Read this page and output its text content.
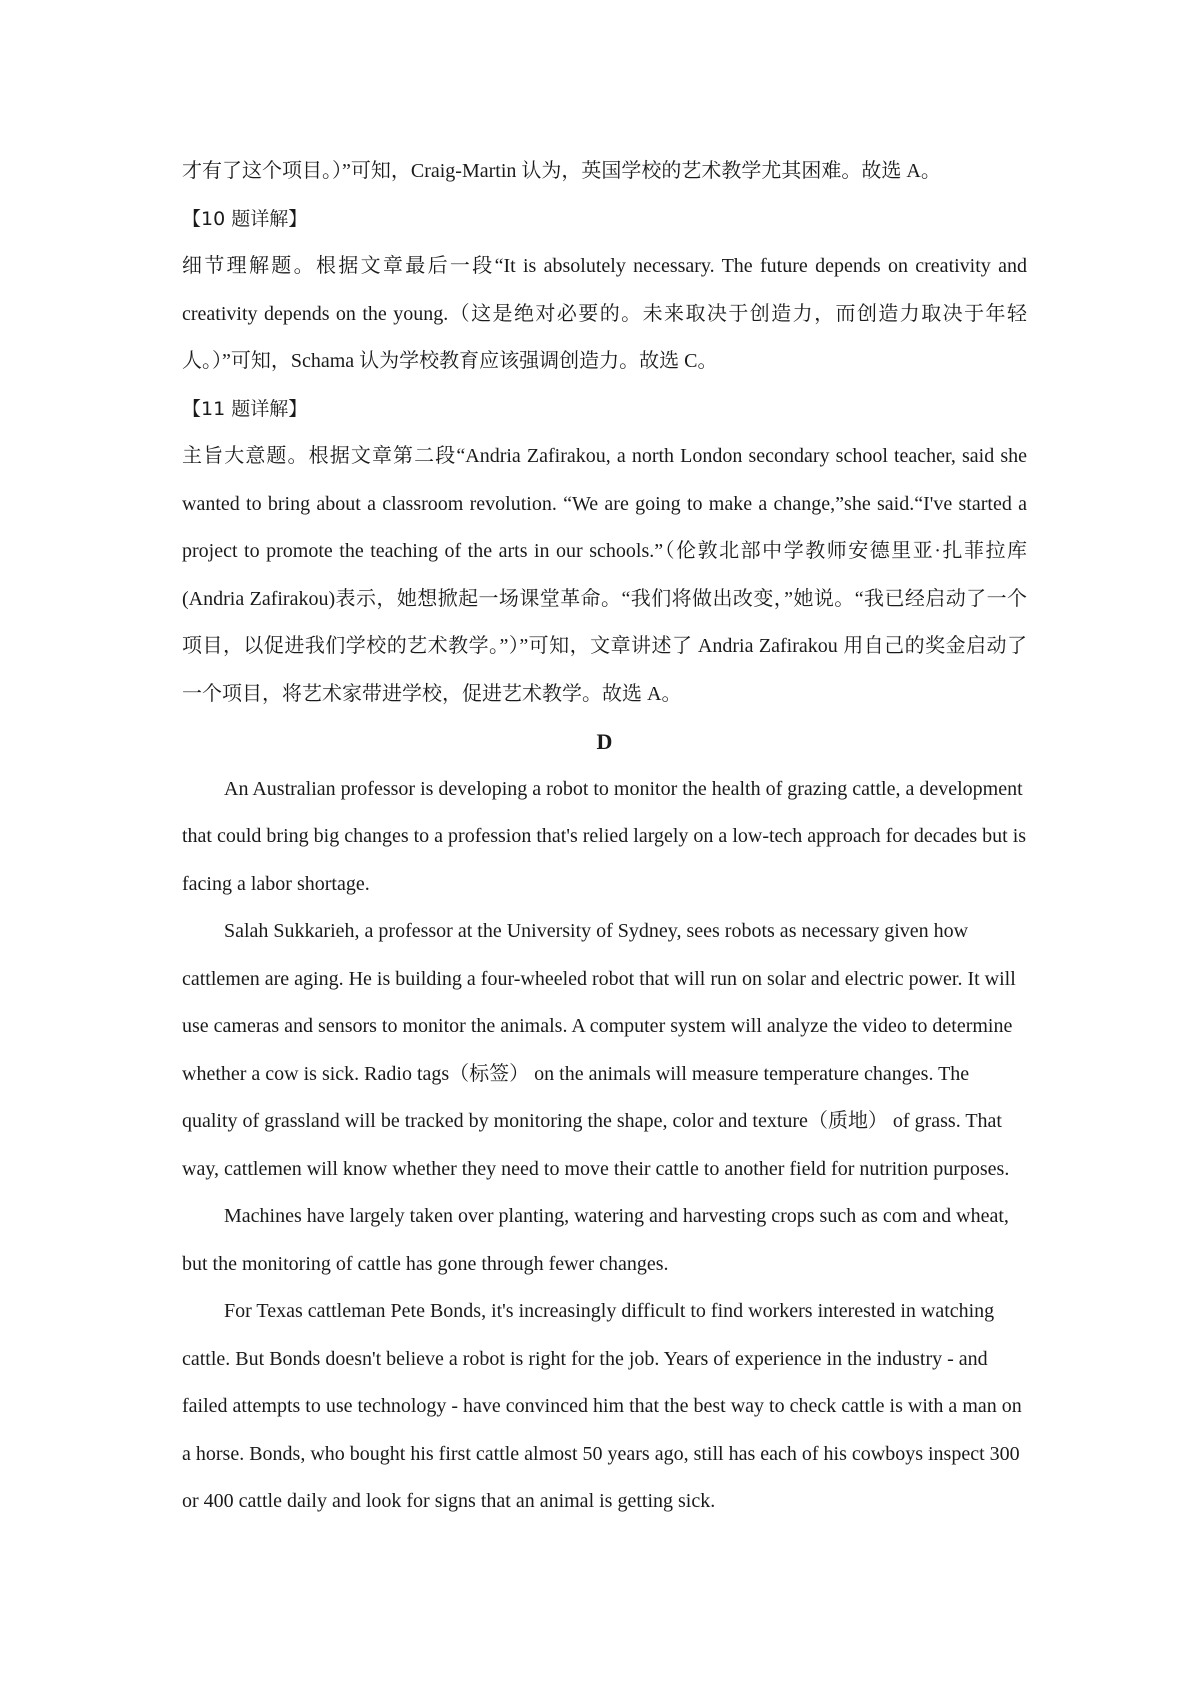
才有了这个项目。）”可知，Craig-Martin 认为，英国学校的艺术教学尤其困难。故选 A。

【10 题详解】

细节理解题。根据文章最后一段“It is absolutely necessary. The future depends on creativity and creativity depends on the young.（这是绝对必要的。未来取决于创造力，而创造力取决于年轻人。）”可知，Schama 认为学校教育应该强调创造力。故选 C。

【11 题详解】

主旨大意题。根据文章第二段“Andria Zafirakou, a north London secondary school teacher, said she wanted to bring about a classroom revolution. “We are going to make a change,”she said.“I've started a project to promote the teaching of the arts in our schools.”（伦敦北部中学教师安德里亚·扎菲拉库(Andria Zafirakou)表示，她想掀起一场课堂革命。“我们将做出改变，”她说。“我已经启动了一个项目，以促进我们学校的艺术教学。”）”可知，文章讲述了 Andria Zafirakou 用自己的奖金启动了一个项目，将艺术家带进学校，促进艺术教学。故选 A。

D

An Australian professor is developing a robot to monitor the health of grazing cattle, a development that could bring big changes to a profession that's relied largely on a low-tech approach for decades but is facing a labor shortage.

Salah Sukkarieh, a professor at the University of Sydney, sees robots as necessary given how cattlemen are aging. He is building a four-wheeled robot that will run on solar and electric power. It will use cameras and sensors to monitor the animals. A computer system will analyze the video to determine whether a cow is sick. Radio tags（标签） on the animals will measure temperature changes. The quality of grassland will be tracked by monitoring the shape, color and texture（质地） of grass. That way, cattlemen will know whether they need to move their cattle to another field for nutrition purposes.

Machines have largely taken over planting, watering and harvesting crops such as com and wheat, but the monitoring of cattle has gone through fewer changes.

For Texas cattleman Pete Bonds, it's increasingly difficult to find workers interested in watching cattle. But Bonds doesn't believe a robot is right for the job. Years of experience in the industry - and failed attempts to use technology - have convinced him that the best way to check cattle is with a man on a horse. Bonds, who bought his first cattle almost 50 years ago, still has each of his cowboys inspect 300 or 400 cattle daily and look for signs that an animal is getting sick.
